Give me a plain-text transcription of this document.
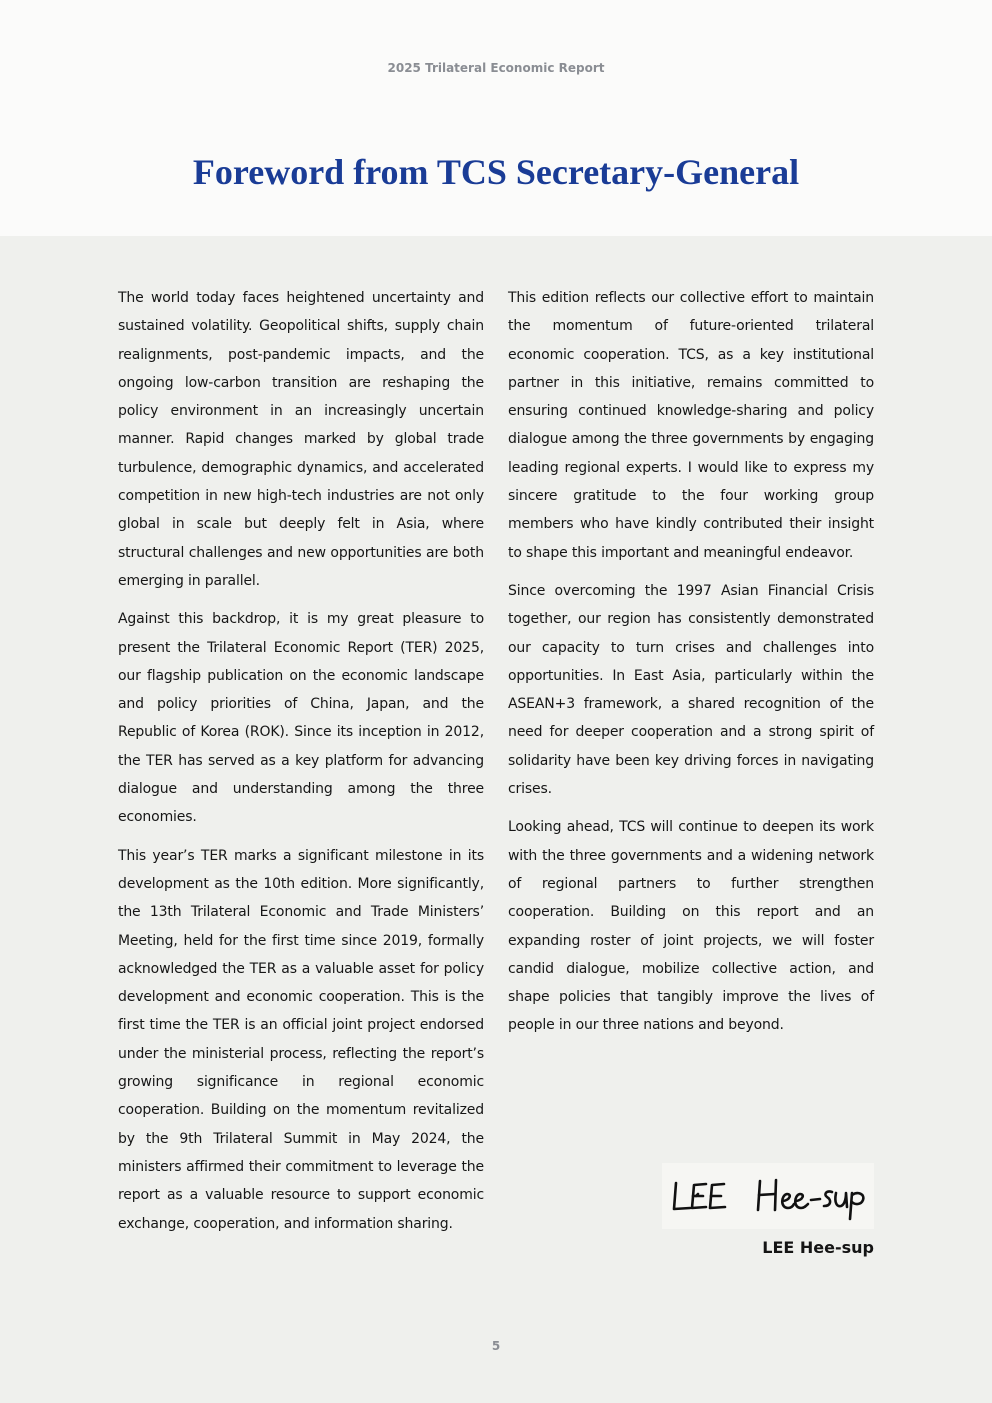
2025 Trilateral Economic Report
Foreword from TCS Secretary-General

The world today faces heightened uncertainty and sustained volatility. Geopolitical shifts, supply chain realignments, post-pandemic impacts, and the ongoing low-carbon transition are reshaping the policy environment in an increasingly uncertain manner. Rapid changes marked by global trade turbulence, demographic dynamics, and accelerated competition in new high-tech industries are not only global in scale but deeply felt in Asia, where structural challenges and new opportunities are both emerging in parallel.

Against this backdrop, it is my great pleasure to present the Trilateral Economic Report (TER) 2025, our flagship publication on the economic landscape and policy priorities of China, Japan, and the Republic of Korea (ROK). Since its inception in 2012, the TER has served as a key platform for advancing dialogue and understanding among the three economies.

This year’s TER marks a significant milestone in its development as the 10th edition. More significantly, the 13th Trilateral Economic and Trade Ministers’ Meeting, held for the first time since 2019, formally acknowledged the TER as a valuable asset for policy development and economic cooperation. This is the first time the TER is an official joint project endorsed under the ministerial process, reflecting the report’s growing significance in regional economic cooperation. Building on the momentum revitalized by the 9th Trilateral Summit in May 2024, the ministers affirmed their commitment to leverage the report as a valuable resource to support economic exchange, cooperation, and information sharing.

This edition reflects our collective effort to maintain the momentum of future-oriented trilateral economic cooperation. TCS, as a key institutional partner in this initiative, remains committed to ensuring continued knowledge-sharing and policy dialogue among the three governments by engaging leading regional experts. I would like to express my sincere gratitude to the four working group members who have kindly contributed their insight to shape this important and meaningful endeavor.

Since overcoming the 1997 Asian Financial Crisis together, our region has consistently demonstrated our capacity to turn crises and challenges into opportunities. In East Asia, particularly within the ASEAN+3 framework, a shared recognition of the need for deeper cooperation and a strong spirit of solidarity have been key driving forces in navigating crises.

Looking ahead, TCS will continue to deepen its work with the three governments and a widening network of regional partners to further strengthen cooperation. Building on this report and an expanding roster of joint projects, we will foster candid dialogue, mobilize collective action, and shape policies that tangibly improve the lives of people in our three nations and beyond.

LEE Hee-sup
5
